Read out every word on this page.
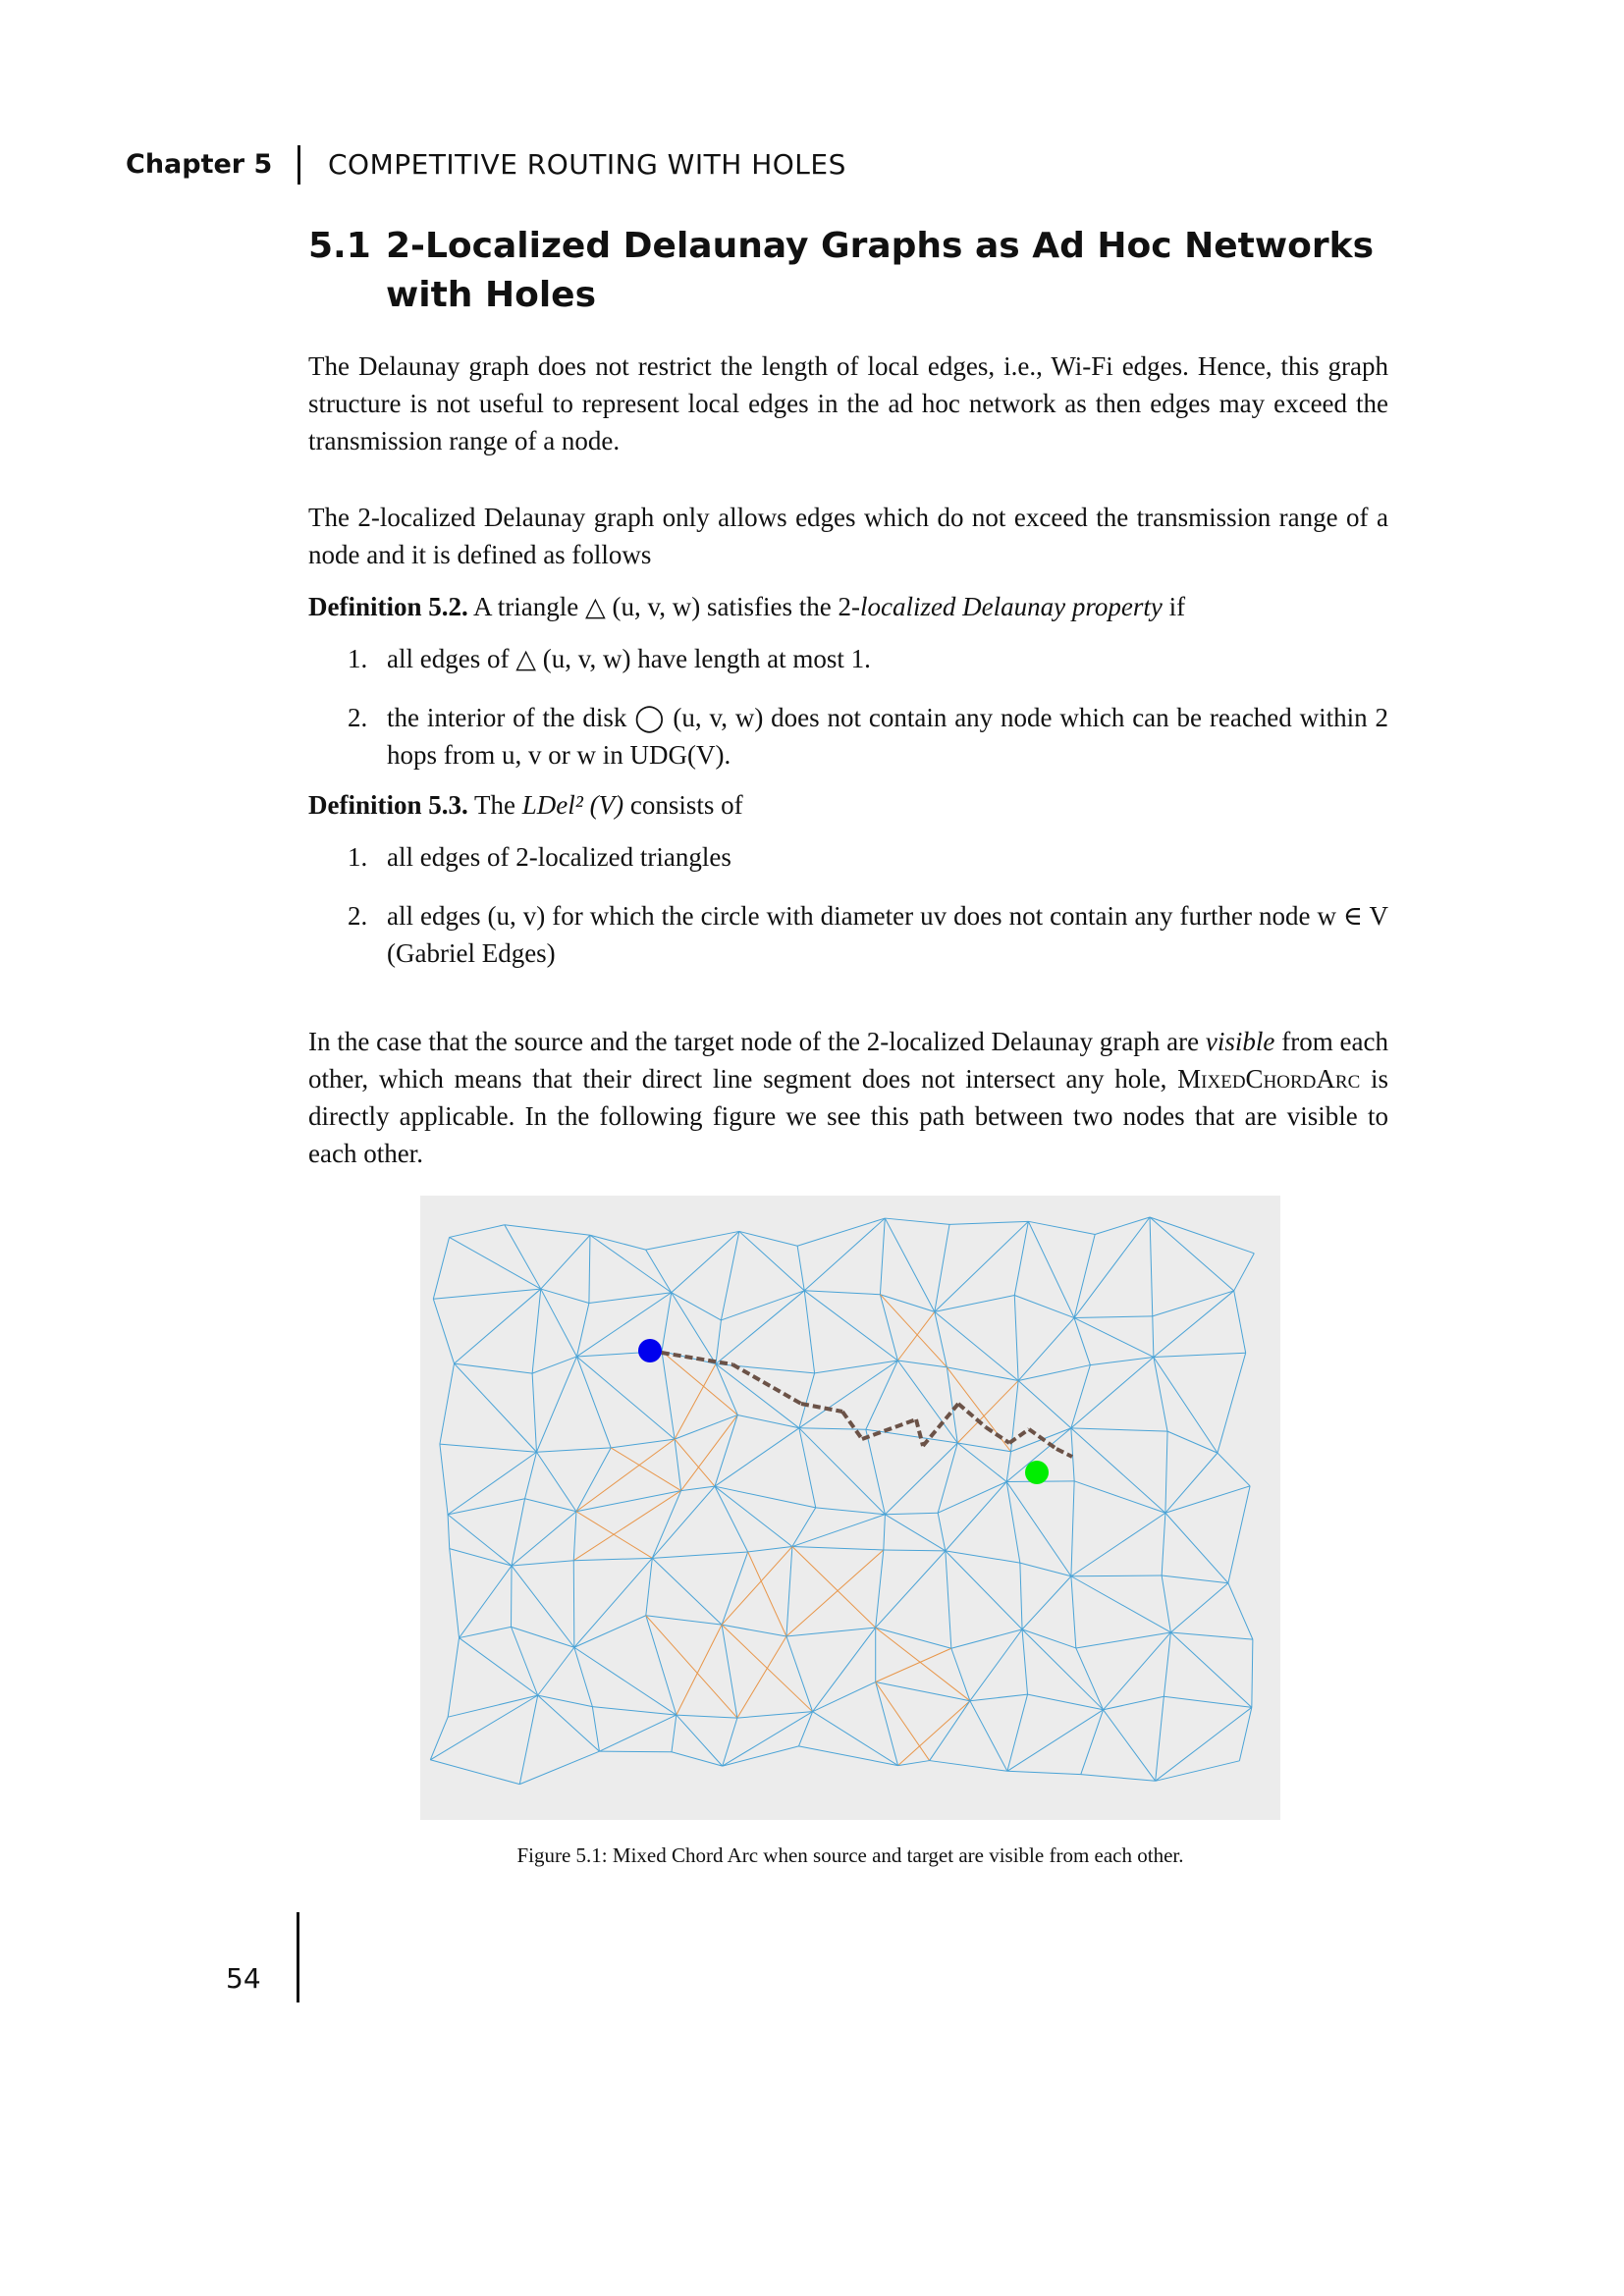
Chapter 5 COMPETITIVE ROUTING WITH HOLES
5.1 2-Localized Delaunay Graphs as Ad Hoc Networks with Holes

The Delaunay graph does not restrict the length of local edges, i.e., Wi-Fi edges. Hence, this graph structure is not useful to represent local edges in the ad hoc network as then edges may exceed the transmission range of a node.

The 2-localized Delaunay graph only allows edges which do not exceed the transmission range of a node and it is defined as follows

Definition 5.2. A triangle △ (u, v, w) satisfies the 2-localized Delaunay property if
1. all edges of △ (u, v, w) have length at most 1.
2. the interior of the disk ◯ (u, v, w) does not contain any node which can be reached within 2 hops from u, v or w in UDG(V).
Definition 5.3. The LDel² (V) consists of
1. all edges of 2-localized triangles
2. all edges (u, v) for which the circle with diameter uv does not contain any further node w ∈ V (Gabriel Edges)
In the case that the source and the target node of the 2-localized Delaunay graph are visible from each other, which means that their direct line segment does not intersect any hole, MixedChordArc is directly applicable. In the following figure we see this path between two nodes that are visible to each other.
Figure 5.1: Mixed Chord Arc when source and target are visible from each other.
54
